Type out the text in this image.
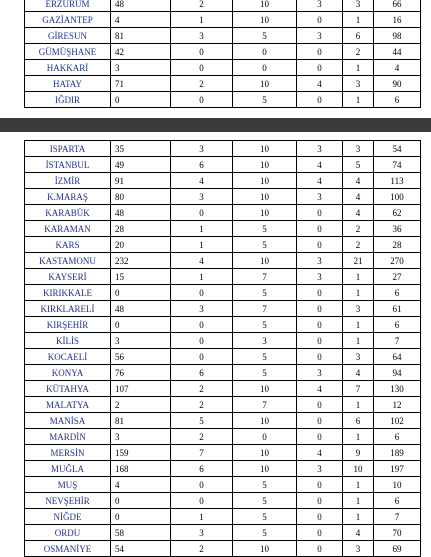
ERZURUM	48	2	10	3	3	66
GAZİANTEP	4	1	10	0	1	16
GİRESUN	81	3	5	3	6	98
GÜMÜŞHANE	42	0	0	0	2	44
HAKKARİ	3	0	0	0	1	4
HATAY	71	2	10	4	3	90
IĞDIR	0	0	5	0	1	6
ISPARTA	35	3	10	3	3	54
İSTANBUL	49	6	10	4	5	74
İZMİR	91	4	10	4	4	113
K.MARAŞ	80	3	10	3	4	100
KARABÜK	48	0	10	0	4	62
KARAMAN	28	1	5	0	2	36
KARS	20	1	5	0	2	28
KASTAMONU	232	4	10	3	21	270
KAYSERİ	15	1	7	3	1	27
KIRIKKALE	0	0	5	0	1	6
KIRKLARELİ	48	3	7	0	3	61
KIRŞEHİR	0	0	5	0	1	6
KİLİS	3	0	3	0	1	7
KOCAELİ	56	0	5	0	3	64
KONYA	76	6	5	3	4	94
KÜTAHYA	107	2	10	4	7	130
MALATYA	2	2	7	0	1	12
MANİSA	81	5	10	0	6	102
MARDİN	3	2	0	0	1	6
MERSİN	159	7	10	4	9	189
MUĞLA	168	6	10	3	10	197
MUŞ	4	0	5	0	1	10
NEVŞEHİR	0	0	5	0	1	6
NİĞDE	0	1	5	0	1	7
ORDU	58	3	5	0	4	70
OSMANİYE	54	2	10	0	3	69
